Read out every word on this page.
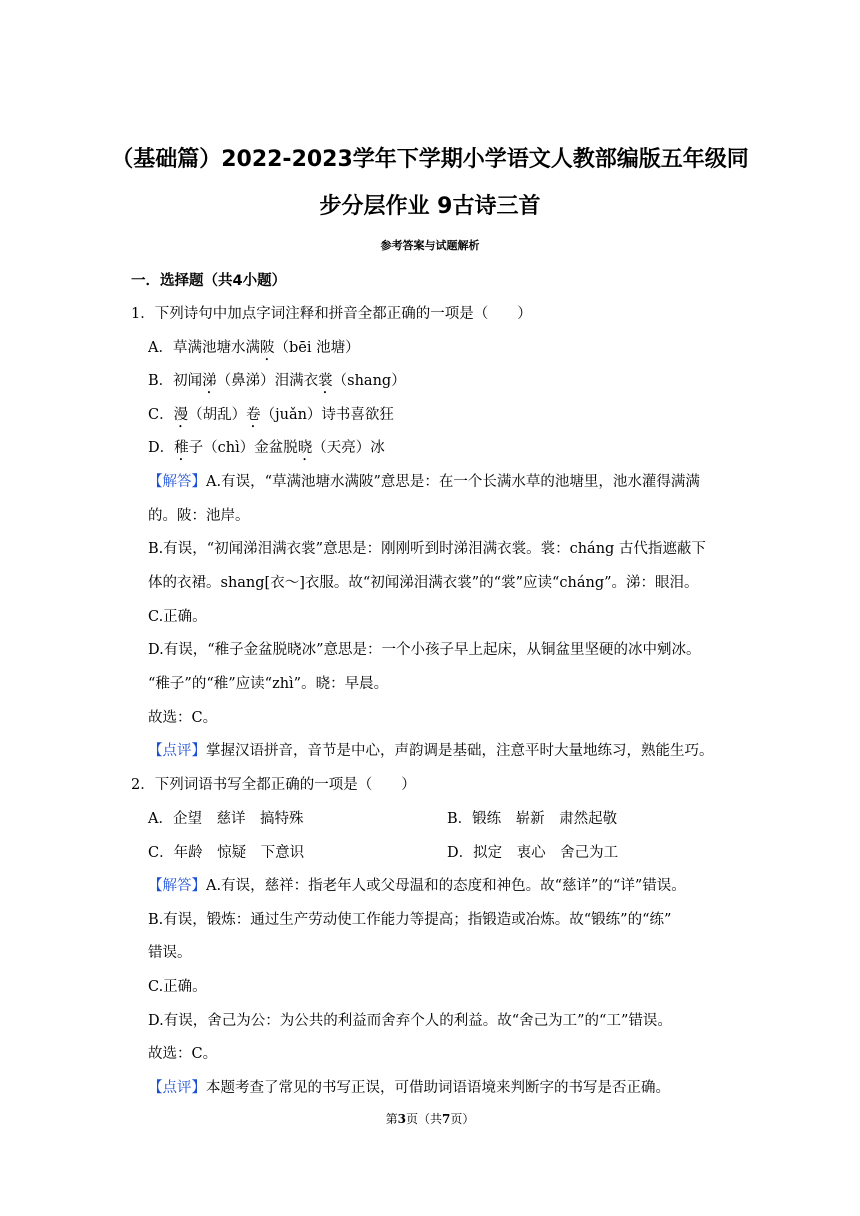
（基础篇）2022-2023学年下学期小学语文人教部编版五年级同
步分层作业 9古诗三首
参考答案与试题解析
一．选择题（共4小题）
1．下列诗句中加点字词注释和拼音全都正确的一项是（　　）
A．草满池塘水满陂（bēi 池塘）
B．初闻涕（鼻涕）泪满衣裳（shang）
C．漫（胡乱）卷（juǎn）诗书喜欲狂
D．稚子（chì）金盆脱晓（天亮）冰
【解答】A.有误，“草满池塘水满陂”意思是：在一个长满水草的池塘里，池水灌得满满
的。陂：池岸。
B.有误，“初闻涕泪满衣裳”意思是：刚刚听到时涕泪满衣裳。裳：cháng 古代指遮蔽下
体的衣裙。shang[衣～]衣服。故“初闻涕泪满衣裳”的“裳”应读“cháng”。涕：眼泪。
C.正确。
D.有误，“稚子金盆脱晓冰”意思是：一个小孩子早上起床，从铜盆里坚硬的冰中剜冰。
“稚子”的“稚”应读“zhì”。晓：早晨。
故选：C。
【点评】掌握汉语拼音，音节是中心，声韵调是基础，注意平时大量地练习，熟能生巧。
2．下列词语书写全都正确的一项是（　　）
A．企望　慈详　搞特殊	B．锻练　崭新　肃然起敬
C．年龄　惊疑　下意识	D．拟定　衷心　舍己为工
【解答】A.有误，慈祥：指老年人或父母温和的态度和神色。故“慈详”的“详”错误。
B.有误，锻炼：通过生产劳动使工作能力等提高；指锻造或冶炼。故“锻练”的“练”
错误。
C.正确。
D.有误，舍己为公：为公共的利益而舍弃个人的利益。故“舍己为工”的“工”错误。
故选：C。
【点评】本题考查了常见的书写正误，可借助词语语境来判断字的书写是否正确。
第3页（共7页）
